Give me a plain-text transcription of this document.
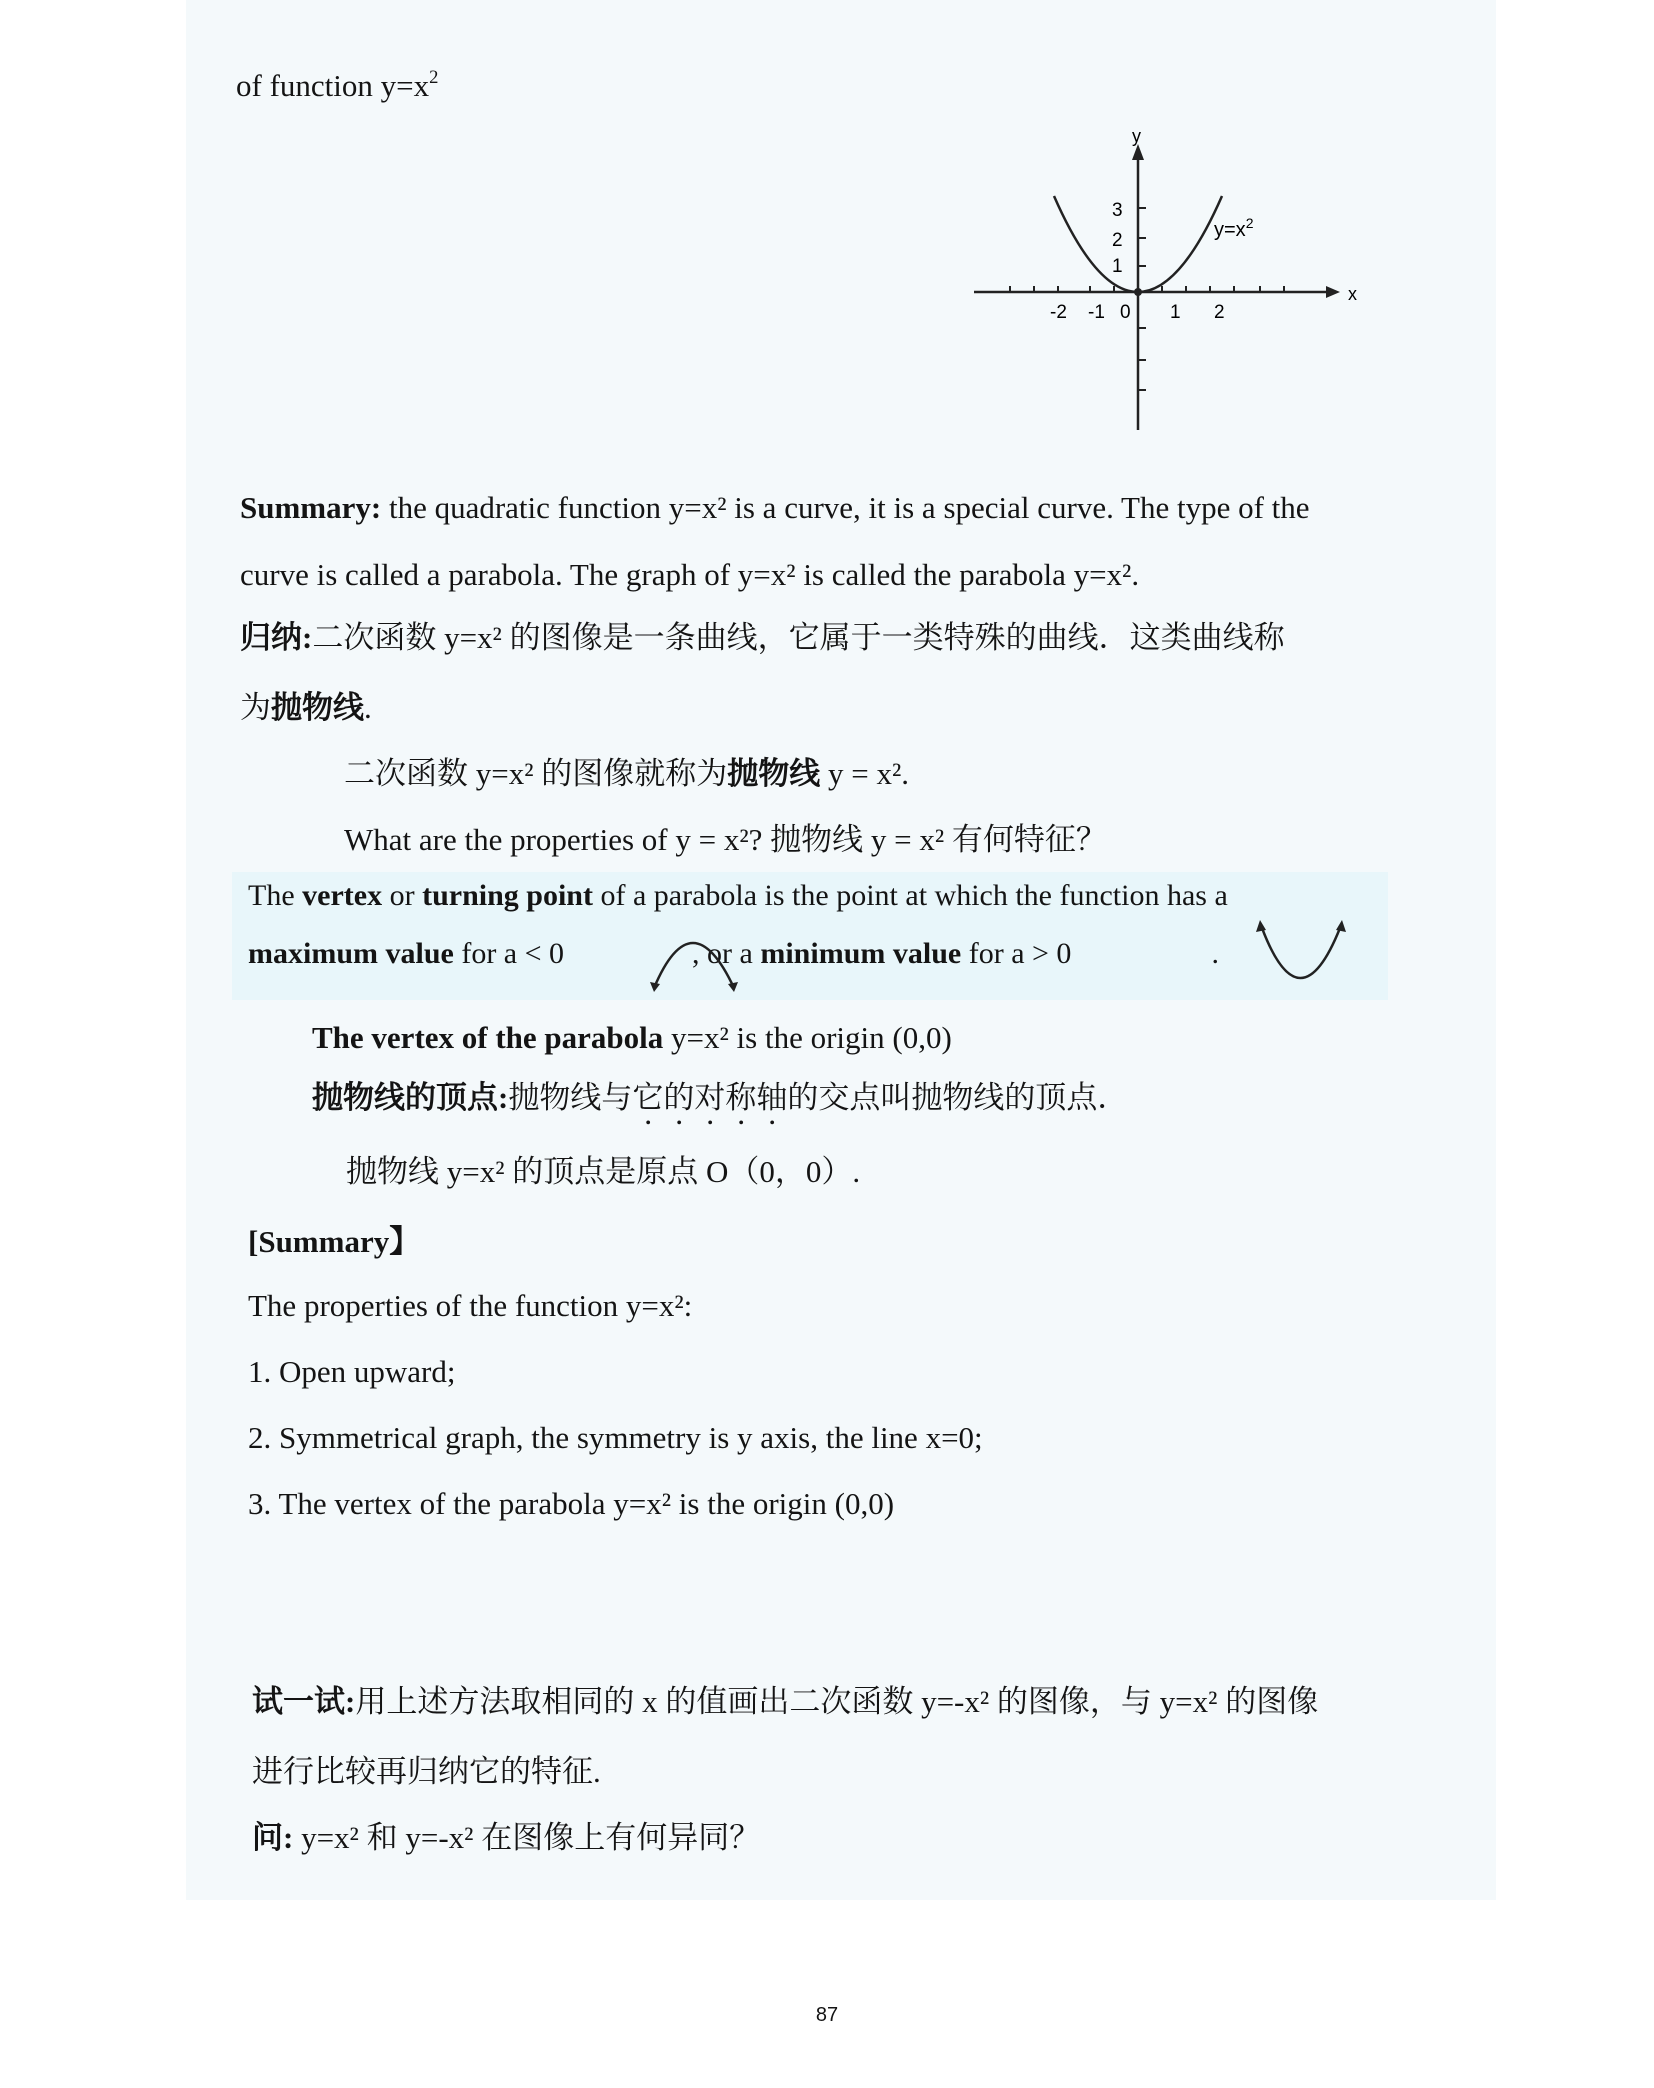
of function $y=x^2$
x
y
-2 -1 0 1 2
3
2
1
$y=x^2$
Summary: the quadratic function y=x² is a curve, it is a special curve. The type of the
curve is called a parabola. The graph of y=x² is called the parabola y=x².
归纳:二次函数 y=x² 的图像是一条曲线，它属于一类特殊的曲线．这类曲线称
为抛物线.
二次函数 y=x² 的图像就称为抛物线 y = x².
What are the properties of y = x²? 抛物线 y = x² 有何特征？
The vertex or turning point of a parabola is the point at which the function has a
maximum value for a < 0	, or a minimum value for a > 0	.
The vertex of the parabola y=x² is the origin (0,0)
抛物线的顶点:抛物线与它的对称轴的交点叫抛物线的顶点．
抛物线 y=x² 的顶点是原点 O（0，0）.
[Summary】
The properties of the function y=x²:
1. Open upward;
2. Symmetrical graph, the symmetry is y axis, the line x=0;
3. The vertex of the parabola y=x² is the origin (0,0)
试一试:用上述方法取相同的 x 的值画出二次函数 y=-x² 的图像，与 y=x² 的图像
进行比较再归纳它的特征.
问: y=x² 和 y=-x² 在图像上有何异同？
87
